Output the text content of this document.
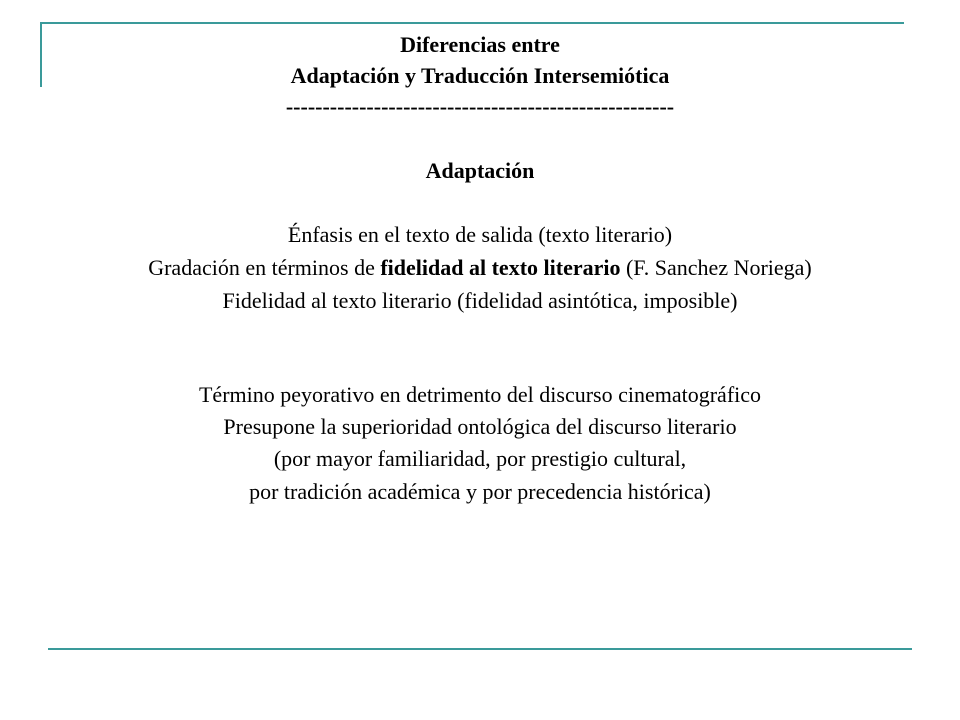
Diferencias entre
Adaptación y Traducción Intersemiótica
-----------------------------------------------------
Adaptación
Énfasis en el texto de salida (texto literario)
Gradación en términos de fidelidad al texto literario (F. Sanchez Noriega)
Fidelidad al texto literario (fidelidad asintótica, imposible)
Término peyorativo en detrimento del discurso cinematográfico
Presupone la superioridad ontológica del discurso literario
(por mayor familiaridad, por prestigio cultural,
por tradición académica y por precedencia histórica)
